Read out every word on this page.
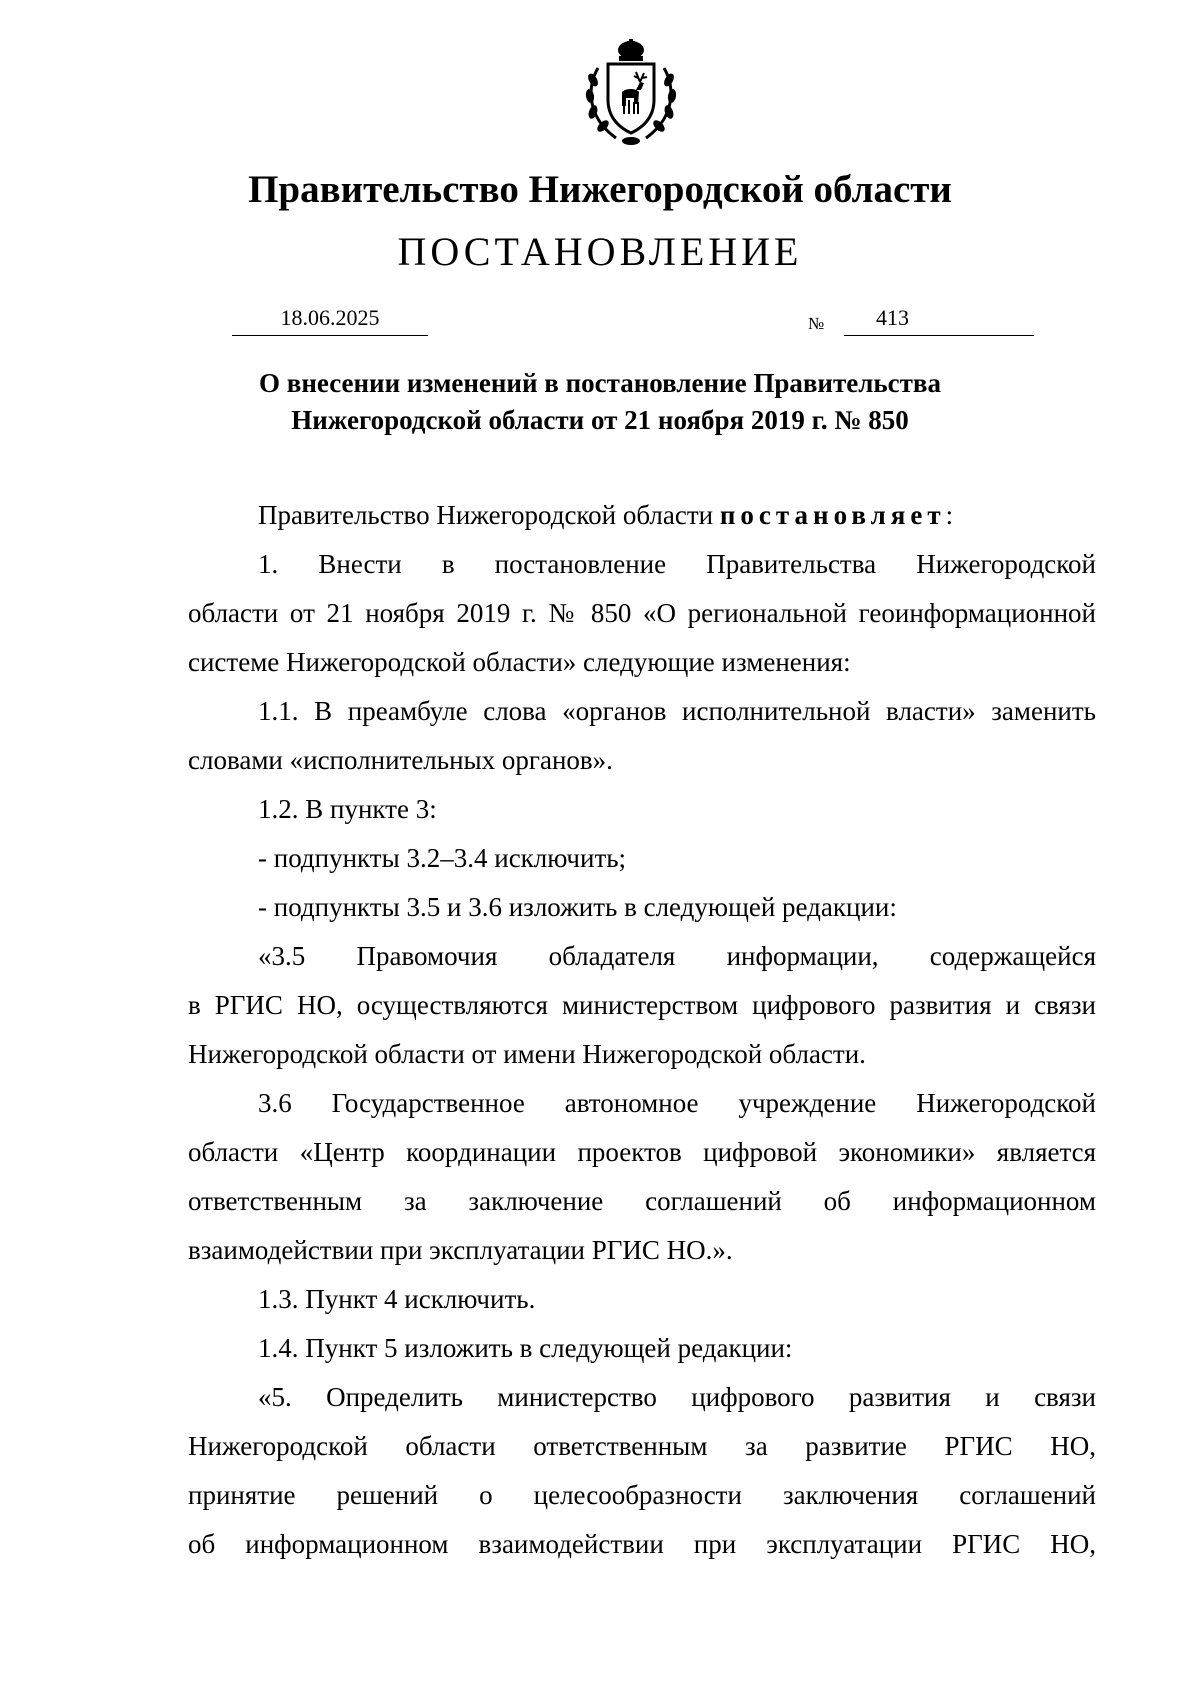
Правительство Нижегородской области
ПОСТАНОВЛЕНИЕ
18.06.2025	№ 413
О внесении изменений в постановление Правительства
Нижегородской области от 21 ноября 2019 г. № 850
Правительство Нижегородской области постановляет:
1. Внести в постановление Правительства Нижегородской
области от 21 ноября 2019 г. № 850 «О региональной геоинформационной
системе Нижегородской области» следующие изменения:
1.1. В преамбуле слова «органов исполнительной власти» заменить
словами «исполнительных органов».
1.2. В пункте 3:
- подпункты 3.2–3.4 исключить;
- подпункты 3.5 и 3.6 изложить в следующей редакции:
«3.5 Правомочия обладателя информации, содержащейся
в РГИС НО, осуществляются министерством цифрового развития и связи
Нижегородской области от имени Нижегородской области.
3.6 Государственное автономное учреждение Нижегородской
области «Центр координации проектов цифровой экономики» является
ответственным за заключение соглашений об информационном
взаимодействии при эксплуатации РГИС НО.».
1.3. Пункт 4 исключить.
1.4. Пункт 5 изложить в следующей редакции:
«5. Определить министерство цифрового развития и связи
Нижегородской области ответственным за развитие РГИС НО,
принятие решений о целесообразности заключения соглашений
об информационном взаимодействии при эксплуатации РГИС НО,
